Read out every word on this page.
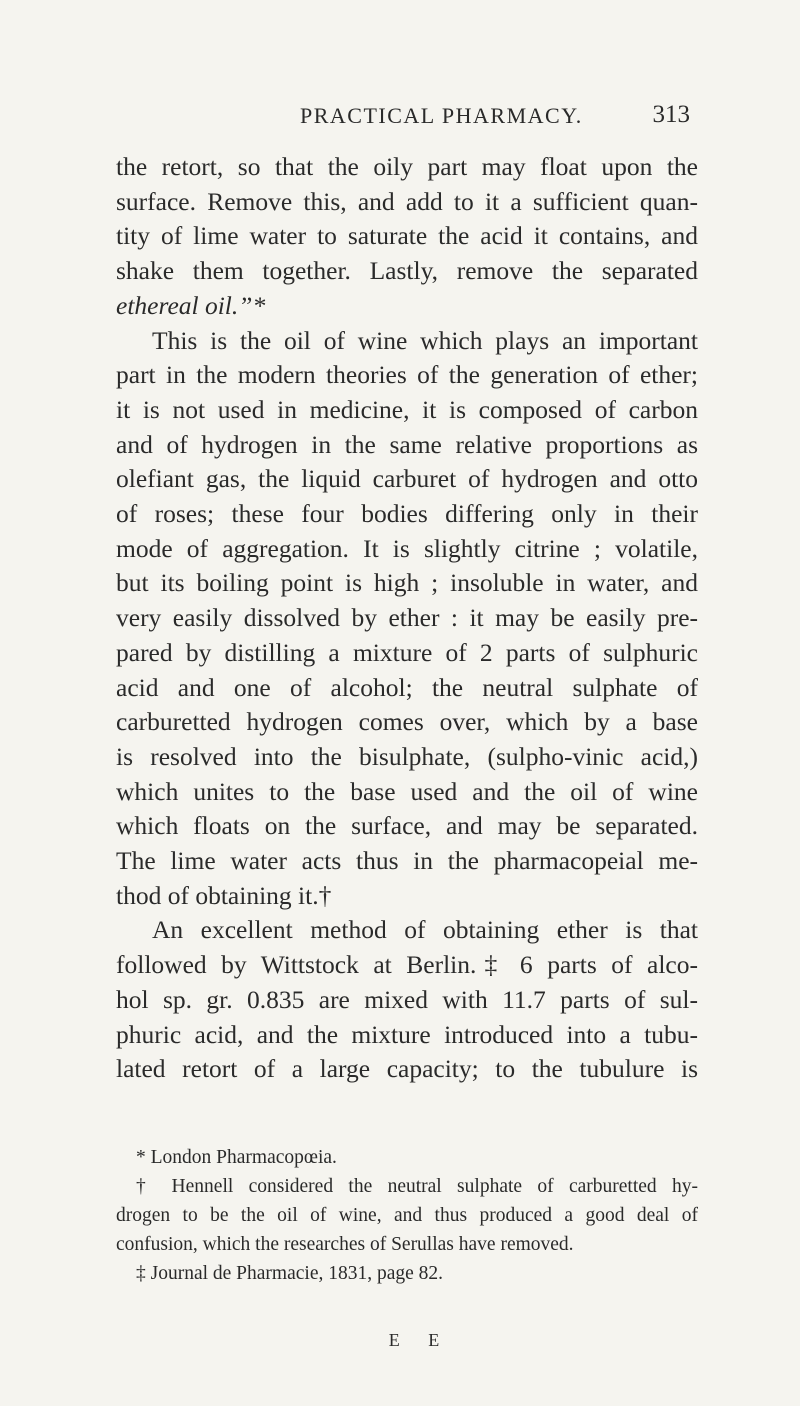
PRACTICAL PHARMACY.	313
the retort, so that the oily part may float upon the
surface. Remove this, and add to it a sufficient quan-
tity of lime water to saturate the acid it contains, and
shake them together. Lastly, remove the separated
ethereal oil.”*
This is the oil of wine which plays an important
part in the modern theories of the generation of ether;
it is not used in medicine, it is composed of carbon
and of hydrogen in the same relative proportions as
olefiant gas, the liquid carburet of hydrogen and otto
of roses; these four bodies differing only in their
mode of aggregation. It is slightly citrine ; volatile,
but its boiling point is high ; insoluble in water, and
very easily dissolved by ether : it may be easily pre-
pared by distilling a mixture of 2 parts of sulphuric
acid and one of alcohol; the neutral sulphate of
carburetted hydrogen comes over, which by a base
is resolved into the bisulphate, (sulpho-vinic acid,)
which unites to the base used and the oil of wine
which floats on the surface, and may be separated.
The lime water acts thus in the pharmacopeial me-
thod of obtaining it.†
An excellent method of obtaining ether is that
followed by Wittstock at Berlin.‡ 6 parts of alco-
hol sp. gr. 0.835 are mixed with 11.7 parts of sul-
phuric acid, and the mixture introduced into a tubu-
lated retort of a large capacity; to the tubulure is
* London Pharmacopœia.
† Hennell considered the neutral sulphate of carburetted hy-
drogen to be the oil of wine, and thus produced a good deal of
confusion, which the researches of Serullas have removed.
‡ Journal de Pharmacie, 1831, page 82.
E E
